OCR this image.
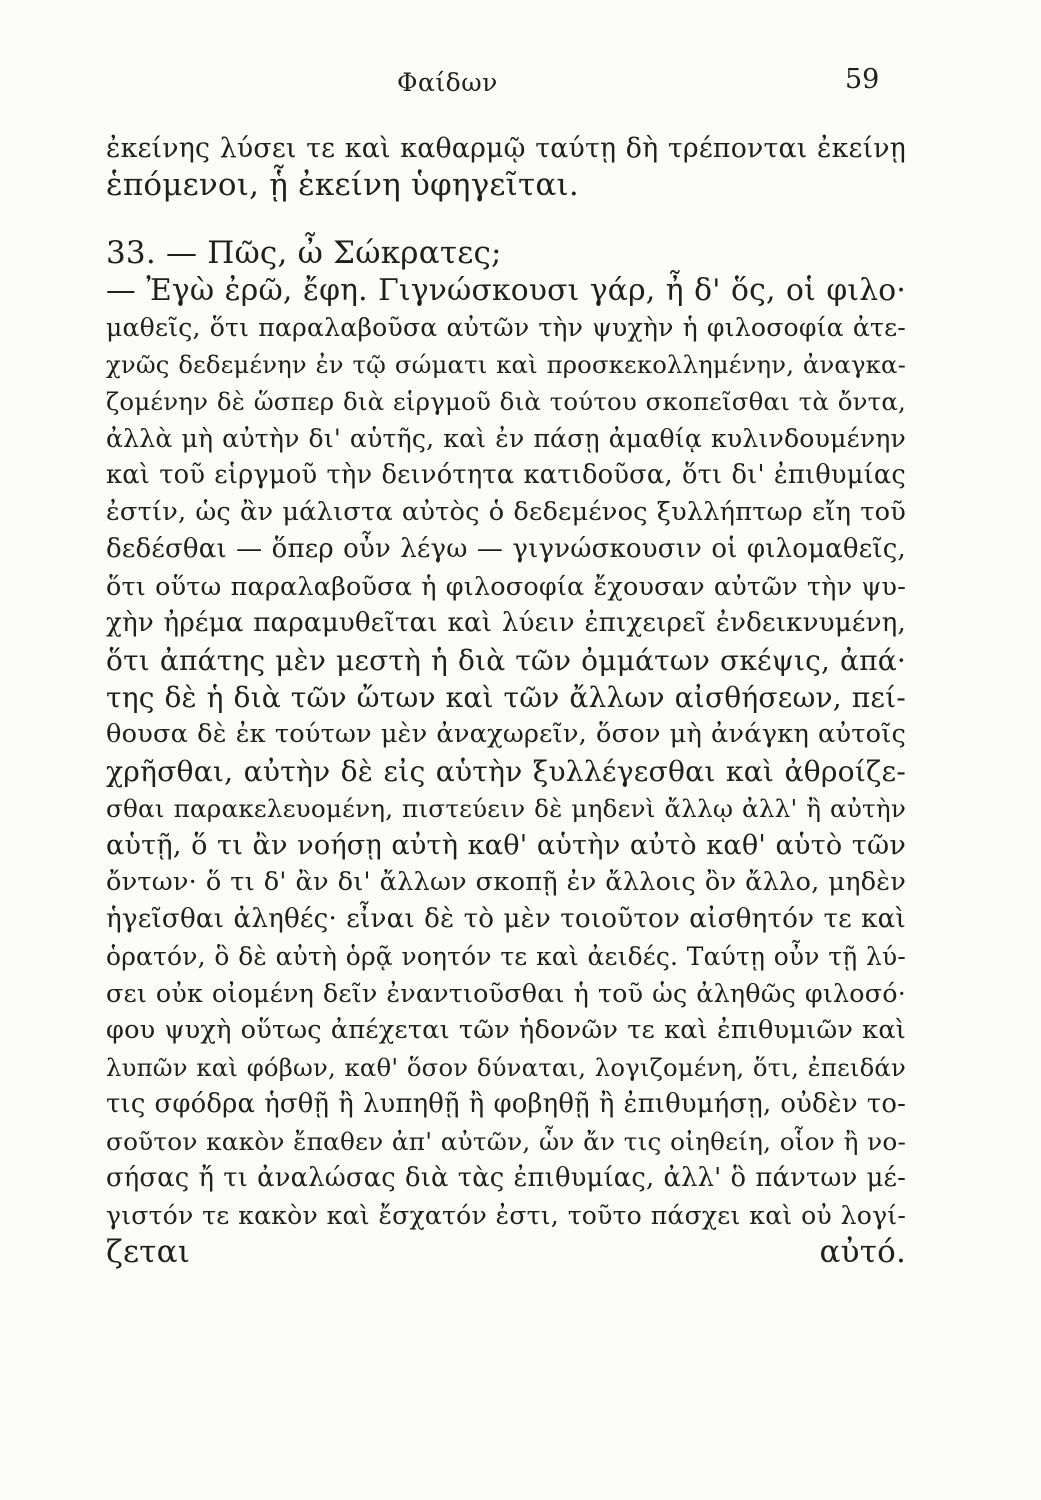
Φαίδων	59
ἐκείνης λύσει τε καὶ καθαρμῷ ταύτῃ δὴ τρέπονται ἐκείνῃ
ἑπόμενοι, ᾗ ἐκείνη ὑφηγεῖται.
33. — Πῶς, ὦ Σώκρατες;
— Ἐγὼ ἐρῶ, ἔφη. Γιγνώσκουσι γάρ, ἦ δ' ὅς, οἱ φιλο·
μαθεῖς, ὅτι παραλαβοῦσα αὐτῶν τὴν ψυχὴν ἡ φιλοσοφία ἀτε-
χνῶς δεδεμένην ἐν τῷ σώματι καὶ προσκεκολλημένην, ἀναγκα-
ζομένην δὲ ὥσπερ διὰ εἱργμοῦ διὰ τούτου σκοπεῖσθαι τὰ ὄντα,
ἀλλὰ μὴ αὐτὴν δι' αὑτῆς, καὶ ἐν πάσῃ ἀμαθίᾳ κυλινδουμένην
καὶ τοῦ εἱργμοῦ τὴν δεινότητα κατιδοῦσα, ὅτι δι' ἐπιθυμίας
ἐστίν, ὡς ἂν μάλιστα αὐτὸς ὁ δεδεμένος ξυλλήπτωρ εἴη τοῦ
δεδέσθαι — ὅπερ οὖν λέγω — γιγνώσκουσιν οἱ φιλομαθεῖς,
ὅτι οὕτω παραλαβοῦσα ἡ φιλοσοφία ἔχουσαν αὐτῶν τὴν ψυ-
χὴν ἠρέμα παραμυθεῖται καὶ λύειν ἐπιχειρεῖ ἐνδεικνυμένη,
ὅτι ἀπάτης μὲν μεστὴ ἡ διὰ τῶν ὀμμάτων σκέψις, ἀπά·
της δὲ ἡ διὰ τῶν ὤτων καὶ τῶν ἄλλων αἰσθήσεων, πεί-
θουσα δὲ ἐκ τούτων μὲν ἀναχωρεῖν, ὅσον μὴ ἀνάγκη αὐτοῖς
χρῆσθαι, αὐτὴν δὲ εἰς αὑτὴν ξυλλέγεσθαι καὶ ἀθροίζε-
σθαι παρακελευομένη, πιστεύειν δὲ μηδενὶ ἄλλῳ ἀλλ' ἢ αὐτὴν
αὑτῇ, ὅ τι ἂν νοήσῃ αὐτὴ καθ' αὑτὴν αὐτὸ καθ' αὑτὸ τῶν
ὄντων· ὅ τι δ' ἂν δι' ἄλλων σκοπῇ ἐν ἄλλοις ὂν ἄλλο, μηδὲν
ἡγεῖσθαι ἀληθές· εἶναι δὲ τὸ μὲν τοιοῦτον αἰσθητόν τε καὶ
ὁρατόν, ὃ δὲ αὐτὴ ὁρᾷ νοητόν τε καὶ ἀειδές. Ταύτῃ οὖν τῇ λύ-
σει οὐκ οἰομένη δεῖν ἐναντιοῦσθαι ἡ τοῦ ὡς ἀληθῶς φιλοσό·
φου ψυχὴ οὕτως ἀπέχεται τῶν ἡδονῶν τε καὶ ἐπιθυμιῶν καὶ
λυπῶν καὶ φόβων, καθ' ὅσον δύναται, λογιζομένη, ὅτι, ἐπειδάν
τις σφόδρα ἡσθῇ ἢ λυπηθῇ ἢ φοβηθῇ ἢ ἐπιθυμήσῃ, οὐδὲν το-
σοῦτον κακὸν ἔπαθεν ἀπ' αὐτῶν, ὧν ἄν τις οἰηθείη, οἷον ἢ νο-
σήσας ἤ τι ἀναλώσας διὰ τὰς ἐπιθυμίας, ἀλλ' ὃ πάντων μέ-
γιστόν τε κακὸν καὶ ἔσχατόν ἐστι, τοῦτο πάσχει καὶ οὐ λογί-
ζεται αὐτό.
